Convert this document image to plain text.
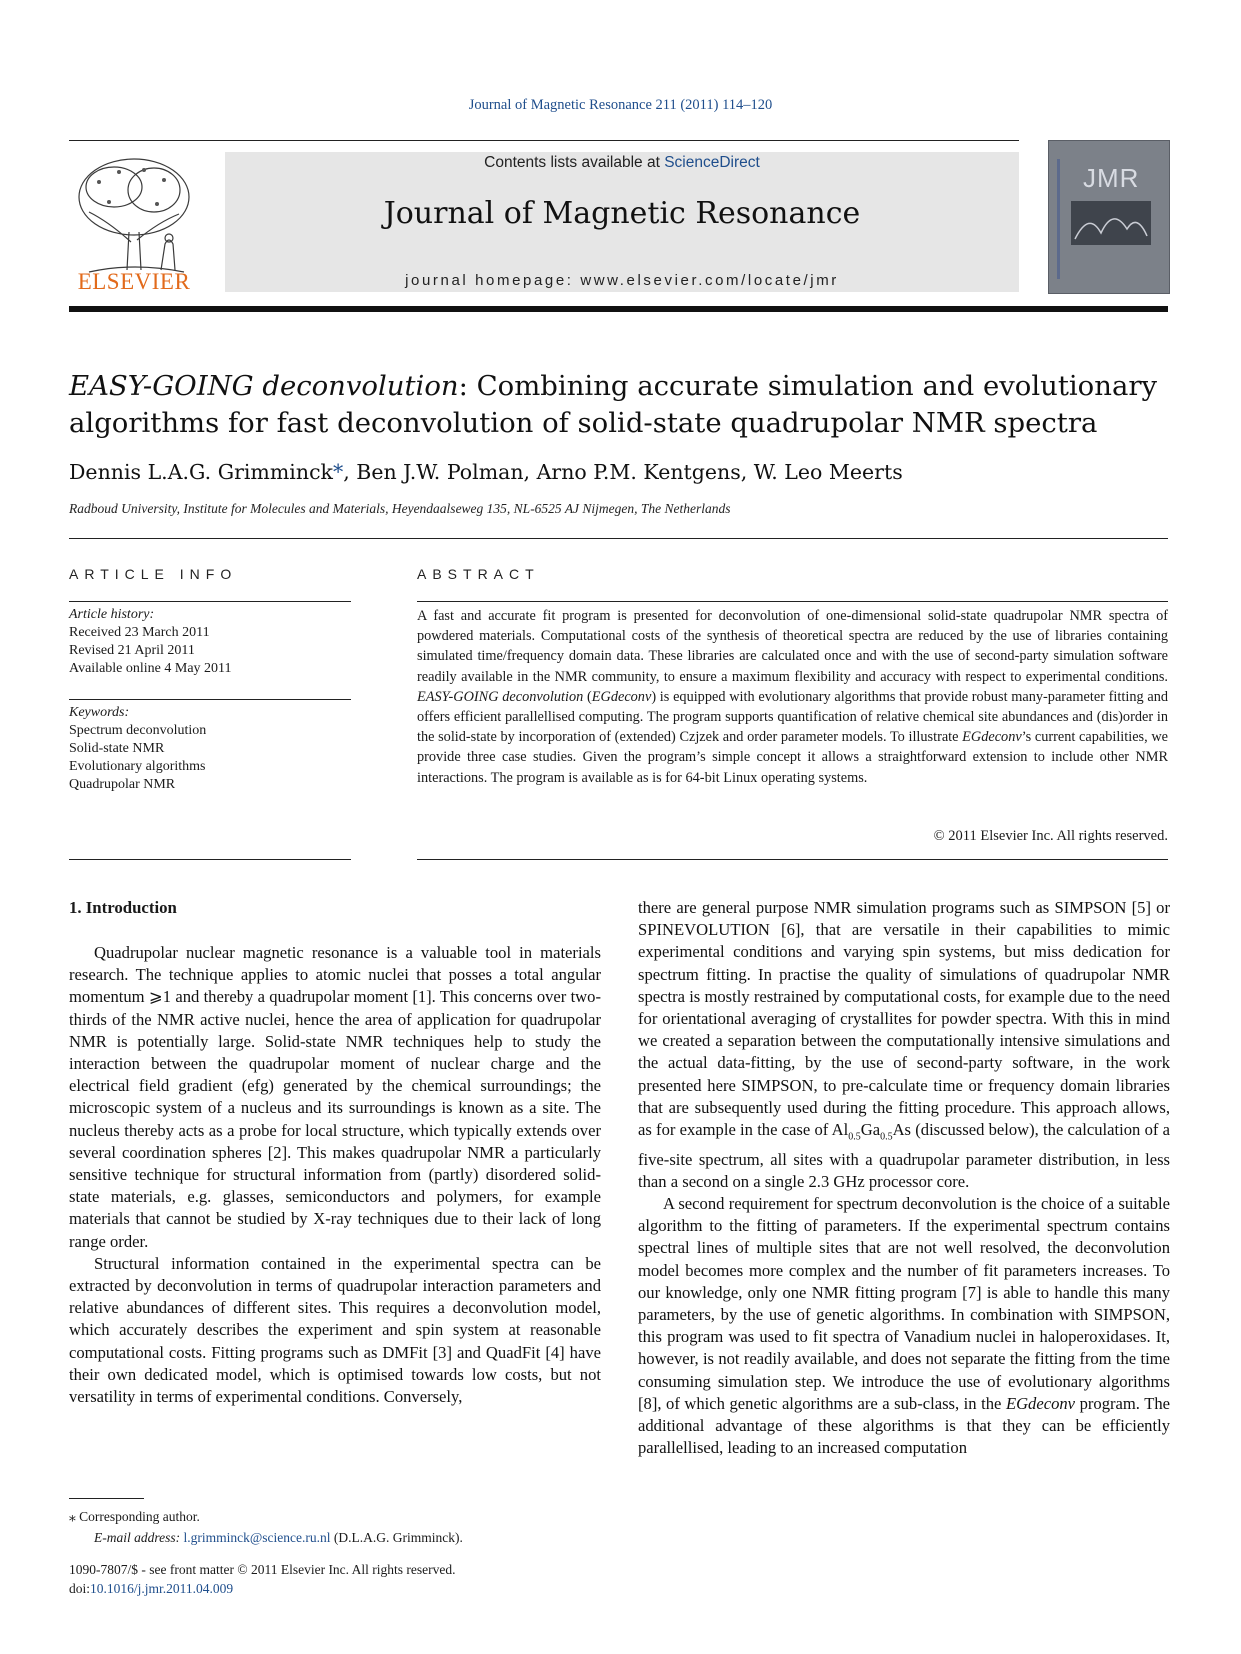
Journal of Magnetic Resonance 211 (2011) 114–120
ELSEVIER
Contents lists available at ScienceDirect
Journal of Magnetic Resonance
journal homepage: www.elsevier.com/locate/jmr
JMR
EASY-GOING deconvolution: Combining accurate simulation and evolutionary algorithms for fast deconvolution of solid-state quadrupolar NMR spectra
Dennis L.A.G. Grimminck*, Ben J.W. Polman, Arno P.M. Kentgens, W. Leo Meerts
Radboud University, Institute for Molecules and Materials, Heyendaalseweg 135, NL-6525 AJ Nijmegen, The Netherlands
ARTICLE INFO	ABSTRACT
Article history:
Received 23 March 2011
Revised 21 April 2011
Available online 4 May 2011
Keywords:
Spectrum deconvolution
Solid-state NMR
Evolutionary algorithms
Quadrupolar NMR

A fast and accurate fit program is presented for deconvolution of one-dimensional solid-state quadrupolar NMR spectra of powdered materials. Computational costs of the synthesis of theoretical spectra are reduced by the use of libraries containing simulated time/frequency domain data. These libraries are calculated once and with the use of second-party simulation software readily available in the NMR community, to ensure a maximum flexibility and accuracy with respect to experimental conditions. EASY-GOING deconvolution (EGdeconv) is equipped with evolutionary algorithms that provide robust many-parameter fitting and offers efficient parallellised computing. The program supports quantification of relative chemical site abundances and (dis)order in the solid-state by incorporation of (extended) Czjzek and order parameter models. To illustrate EGdeconv’s current capabilities, we provide three case studies. Given the program’s simple concept it allows a straightforward extension to include other NMR interactions. The program is available as is for 64-bit Linux operating systems.

© 2011 Elsevier Inc. All rights reserved.
1. Introduction

Quadrupolar nuclear magnetic resonance is a valuable tool in materials research. The technique applies to atomic nuclei that posses a total angular momentum ⩾1 and thereby a quadrupolar moment [1]. This concerns over two-thirds of the NMR active nuclei, hence the area of application for quadrupolar NMR is potentially large. Solid-state NMR techniques help to study the interaction between the quadrupolar moment of nuclear charge and the electrical field gradient (efg) generated by the chemical surroundings; the microscopic system of a nucleus and its surroundings is known as a site. The nucleus thereby acts as a probe for local structure, which typically extends over several coordination spheres [2]. This makes quadrupolar NMR a particularly sensitive technique for structural information from (partly) disordered solid-state materials, e.g. glasses, semiconductors and polymers, for example materials that cannot be studied by X-ray techniques due to their lack of long range order.

Structural information contained in the experimental spectra can be extracted by deconvolution in terms of quadrupolar interaction parameters and relative abundances of different sites. This requires a deconvolution model, which accurately describes the experiment and spin system at reasonable computational costs. Fitting programs such as DMFit [3] and QuadFit [4] have their own dedicated model, which is optimised towards low costs, but not versatility in terms of experimental conditions. Conversely,

there are general purpose NMR simulation programs such as SIMPSON [5] or SPINEVOLUTION [6], that are versatile in their capabilities to mimic experimental conditions and varying spin systems, but miss dedication for spectrum fitting. In practise the quality of simulations of quadrupolar NMR spectra is mostly restrained by computational costs, for example due to the need for orientational averaging of crystallites for powder spectra. With this in mind we created a separation between the computationally intensive simulations and the actual data-fitting, by the use of second-party software, in the work presented here SIMPSON, to pre-calculate time or frequency domain libraries that are subsequently used during the fitting procedure. This approach allows, as for example in the case of $Al_{0.5}Ga_{0.5}As$ (discussed below), the calculation of a five-site spectrum, all sites with a quadrupolar parameter distribution, in less than a second on a single 2.3 GHz processor core.

A second requirement for spectrum deconvolution is the choice of a suitable algorithm to the fitting of parameters. If the experimental spectrum contains spectral lines of multiple sites that are not well resolved, the deconvolution model becomes more complex and the number of fit parameters increases. To our knowledge, only one NMR fitting program [7] is able to handle this many parameters, by the use of genetic algorithms. In combination with SIMPSON, this program was used to fit spectra of Vanadium nuclei in haloperoxidases. It, however, is not readily available, and does not separate the fitting from the time consuming simulation step. We introduce the use of evolutionary algorithms [8], of which genetic algorithms are a sub-class, in the EGdeconv program. The additional advantage of these algorithms is that they can be efficiently parallellised, leading to an increased computation

⁎ Corresponding author.
E-mail address: l.grimminck@science.ru.nl (D.L.A.G. Grimminck).
1090-7807/$ - see front matter © 2011 Elsevier Inc. All rights reserved.
doi:10.1016/j.jmr.2011.04.009
